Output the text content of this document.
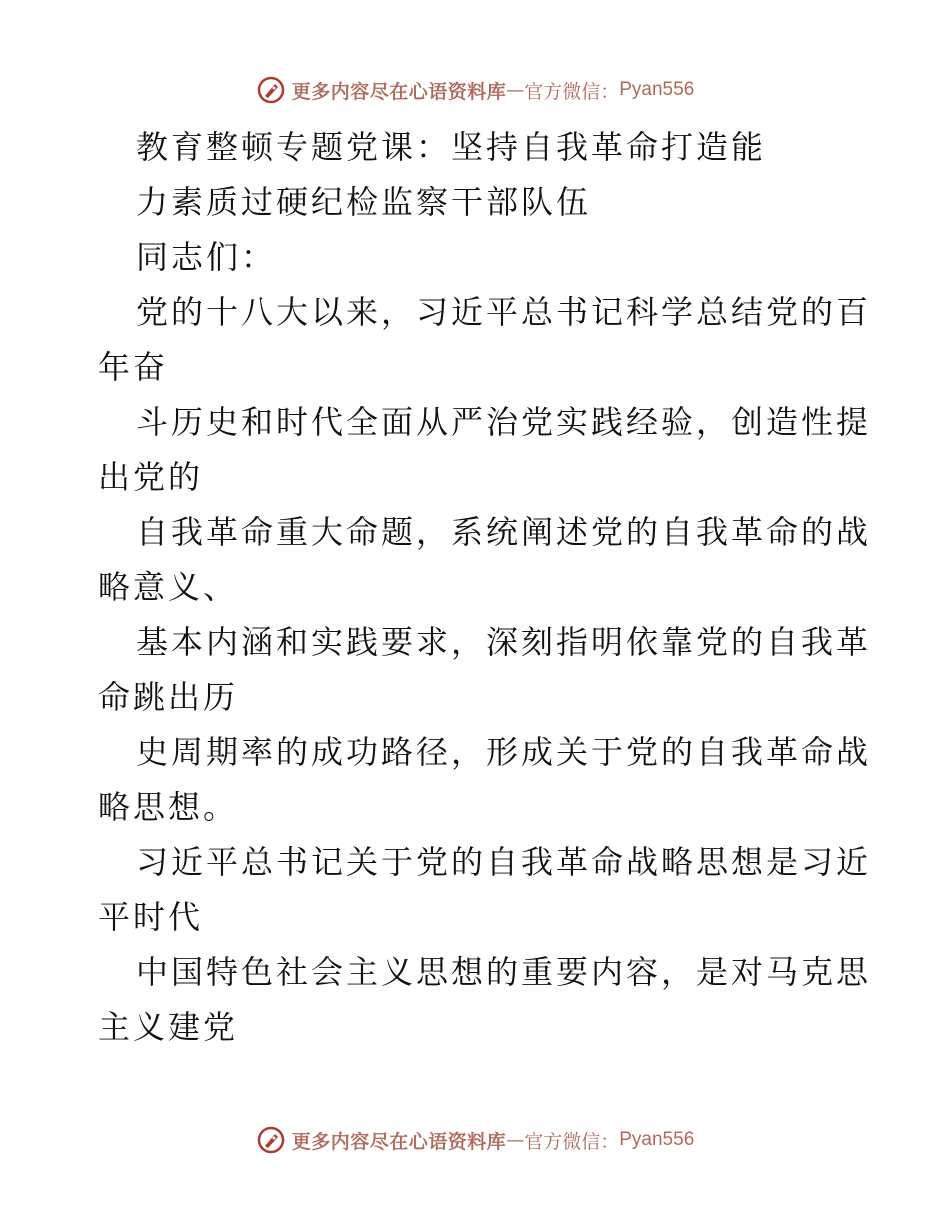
更多内容尽在心语资料库 — 官方微信： Pyan556
教育整顿专题党课：坚持自我革命打造能
力素质过硬纪检监察干部队伍
同志们：
党的十八大以来，习近平总书记科学总结党的百
年奋
斗历史和时代全面从严治党实践经验，创造性提
出党的
自我革命重大命题，系统阐述党的自我革命的战
略意义、
基本内涵和实践要求，深刻指明依靠党的自我革
命跳出历
史周期率的成功路径，形成关于党的自我革命战
略思想。
习近平总书记关于党的自我革命战略思想是习近
平时代
中国特色社会主义思想的重要内容，是对马克思
主义建党
更多内容尽在心语资料库 — 官方微信： Pyan556
